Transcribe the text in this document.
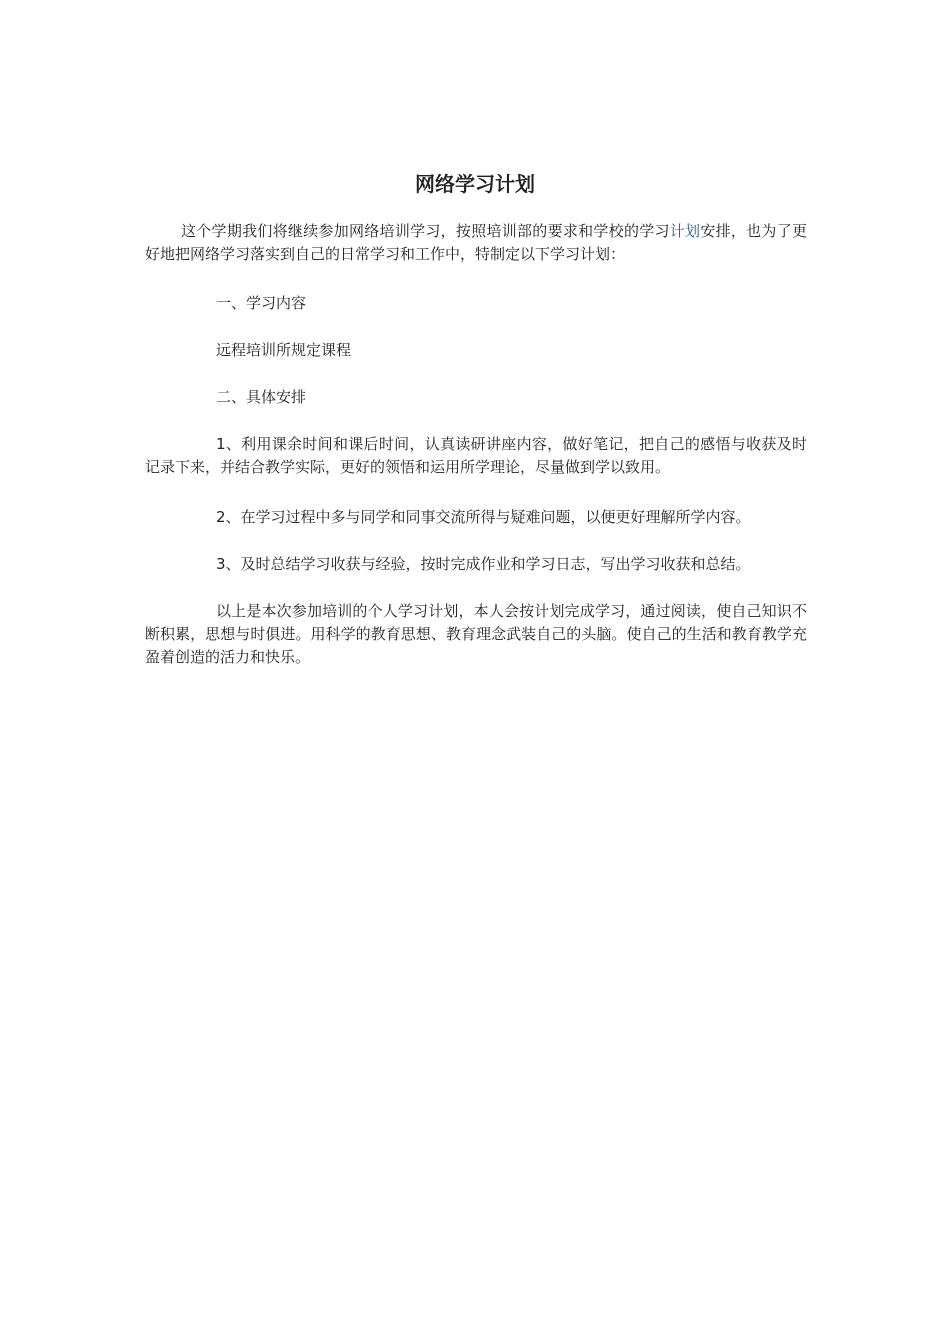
网络学习计划

这个学期我们将继续参加网络培训学习，按照培训部的要求和学校的学习计划安排，也为了更好地把网络学习落实到自己的日常学习和工作中，特制定以下学习计划：

一、学习内容

远程培训所规定课程

二、具体安排

1、利用课余时间和课后时间，认真读研讲座内容，做好笔记，把自己的感悟与收获及时记录下来，并结合教学实际，更好的领悟和运用所学理论，尽量做到学以致用。

2、在学习过程中多与同学和同事交流所得与疑难问题，以便更好理解所学内容。

3、及时总结学习收获与经验，按时完成作业和学习日志，写出学习收获和总结。

以上是本次参加培训的个人学习计划，本人会按计划完成学习，通过阅读，使自己知识不断积累，思想与时俱进。用科学的教育思想、教育理念武装自己的头脑。使自己的生活和教育教学充盈着创造的活力和快乐。
